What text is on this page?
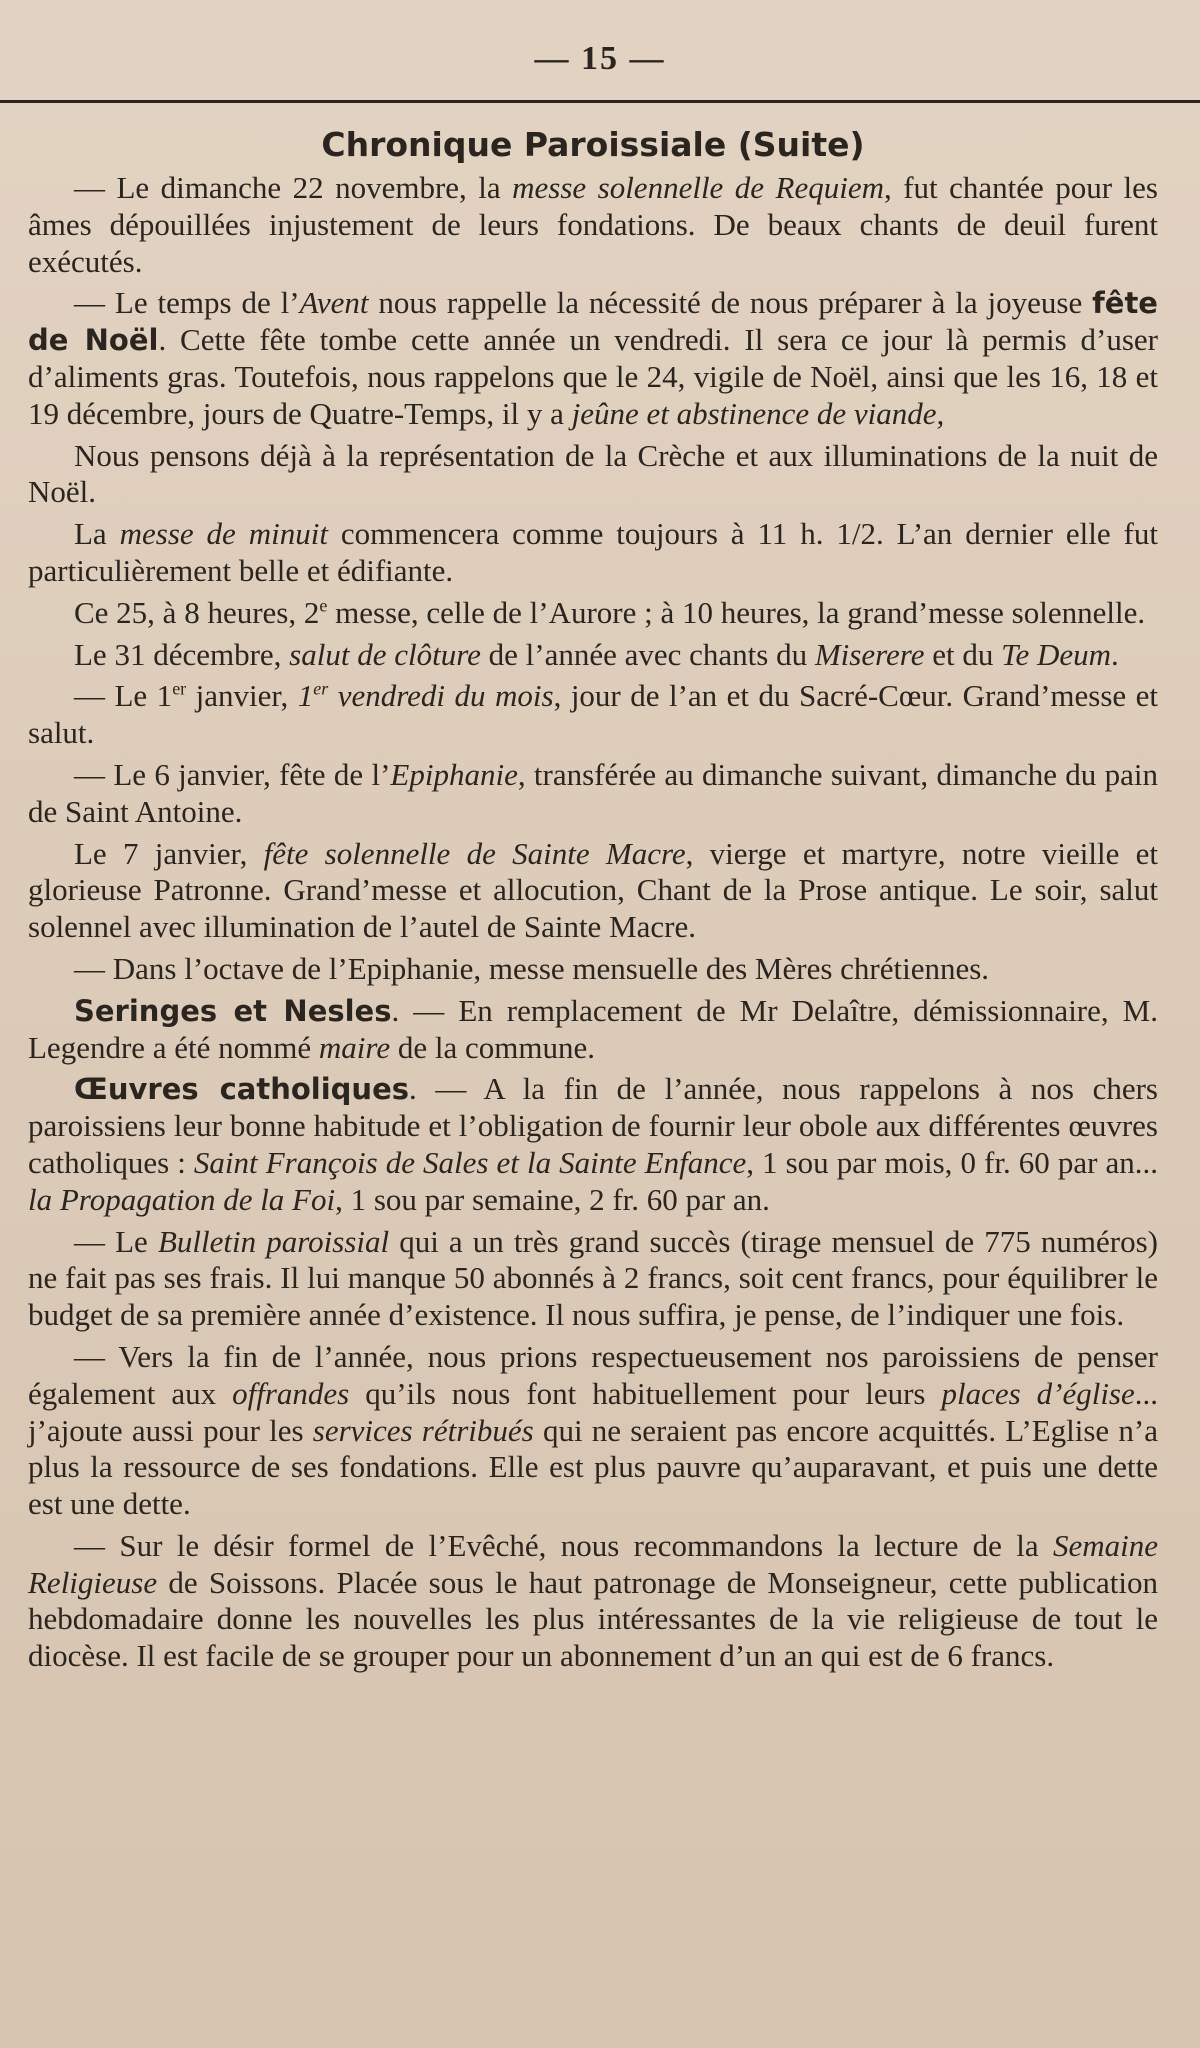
— 15 —
Chronique Paroissiale (Suite)

— Le dimanche 22 novembre, la messe solennelle de Requiem, fut chantée pour les âmes dépouillées injustement de leurs fondations. De beaux chants de deuil furent exécutés.

— Le temps de l’Avent nous rappelle la nécessité de nous préparer à la joyeuse fête de Noël. Cette fête tombe cette année un vendredi. Il sera ce jour là permis d’user d’aliments gras. Toutefois, nous rappelons que le 24, vigile de Noël, ainsi que les 16, 18 et 19 décembre, jours de Quatre-Temps, il y a jeûne et abstinence de viande,

Nous pensons déjà à la représentation de la Crèche et aux illuminations de la nuit de Noël.

La messe de minuit commencera comme toujours à 11 h. 1/2. L’an dernier elle fut particulièrement belle et édifiante.

Ce 25, à 8 heures, 2e messe, celle de l’Aurore ; à 10 heures, la grand’messe solennelle.

Le 31 décembre, salut de clôture de l’année avec chants du Miserere et du Te Deum.

— Le 1er janvier, 1er vendredi du mois, jour de l’an et du Sacré-Cœur. Grand’messe et salut.

— Le 6 janvier, fête de l’Epiphanie, transférée au dimanche suivant, dimanche du pain de Saint Antoine.

Le 7 janvier, fête solennelle de Sainte Macre, vierge et martyre, notre vieille et glorieuse Patronne. Grand’messe et allocution, Chant de la Prose antique. Le soir, salut solennel avec illumination de l’autel de Sainte Macre.

— Dans l’octave de l’Epiphanie, messe mensuelle des Mères chrétiennes.

Seringes et Nesles. — En remplacement de Mr Delaître, démissionnaire, M. Legendre a été nommé maire de la commune.

Œuvres catholiques. — A la fin de l’année, nous rappelons à nos chers paroissiens leur bonne habitude et l’obligation de fournir leur obole aux différentes œuvres catholiques : Saint François de Sales et la Sainte Enfance, 1 sou par mois, 0 fr. 60 par an... la Propagation de la Foi, 1 sou par semaine, 2 fr. 60 par an.

— Le Bulletin paroissial qui a un très grand succès (tirage mensuel de 775 numéros) ne fait pas ses frais. Il lui manque 50 abonnés à 2 francs, soit cent francs, pour équilibrer le budget de sa première année d’existence. Il nous suffira, je pense, de l’indiquer une fois.

— Vers la fin de l’année, nous prions respectueusement nos paroissiens de penser également aux offrandes qu’ils nous font habituellement pour leurs places d’église... j’ajoute aussi pour les services rétribués qui ne seraient pas encore acquittés. L’Eglise n’a plus la ressource de ses fondations. Elle est plus pauvre qu’auparavant, et puis une dette est une dette.

— Sur le désir formel de l’Evêché, nous recommandons la lecture de la Semaine Religieuse de Soissons. Placée sous le haut patronage de Monseigneur, cette publication hebdomadaire donne les nouvelles les plus intéressantes de la vie religieuse de tout le diocèse. Il est facile de se grouper pour un abonnement d’un an qui est de 6 francs.
